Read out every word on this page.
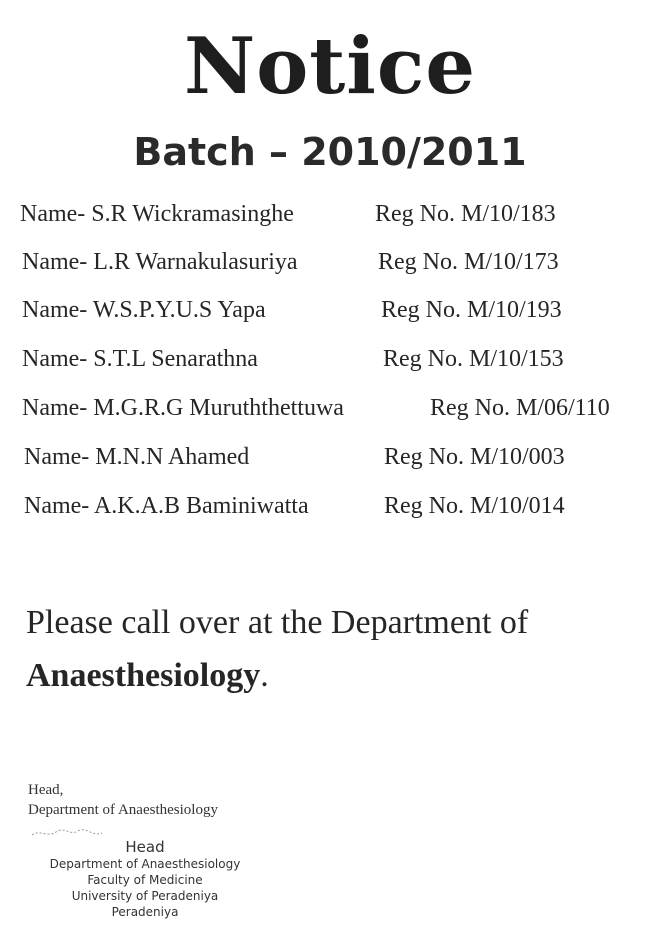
Notice
Batch – 2010/2011
Name- S.R Wickramasinghe	Reg No. M/10/183
Name- L.R Warnakulasuriya	Reg No. M/10/173
Name- W.S.P.Y.U.S Yapa	Reg No. M/10/193
Name- S.T.L Senarathna	Reg No. M/10/153
Name- M.G.R.G Muruththettuwa	Reg No. M/06/110
Name- M.N.N Ahamed	Reg No. M/10/003
Name- A.K.A.B Baminiwatta	Reg No. M/10/014
Please call over at the Department of
Anaesthesiology.
Head,
Department of Anaesthesiology
Head
Department of Anaesthesiology
Faculty of Medicine
University of Peradeniya
Peradeniya
